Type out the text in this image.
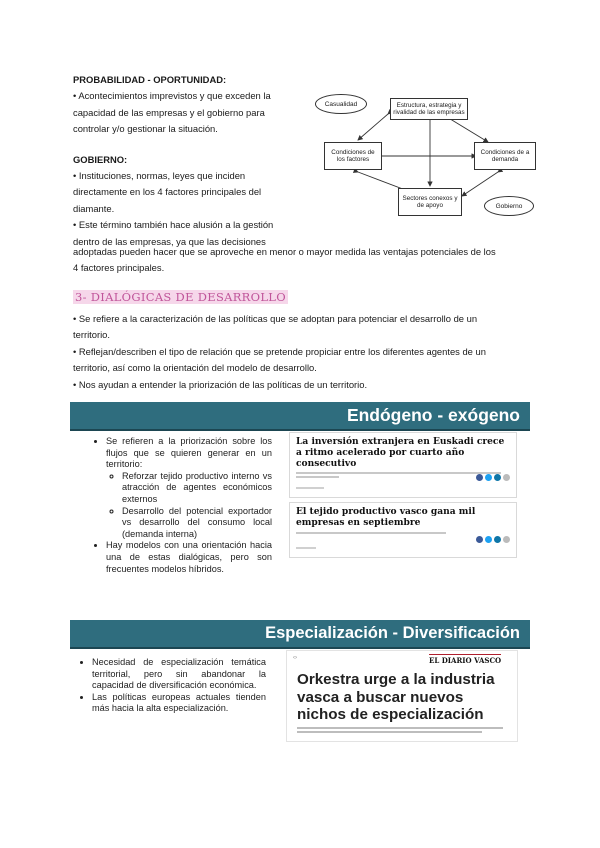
PROBABILIDAD - OPORTUNIDAD:

• Acontecimientos imprevistos y que exceden la

capacidad de las empresas y el gobierno para

controlar y/o gestionar la situación.

GOBIERNO:

• Instituciones, normas, leyes que inciden

directamente en los 4 factores principales del

diamante.

• Este término también hace alusión a la gestión

dentro de las empresas, ya que las decisiones

adoptadas pueden hacer que se aproveche en menor o mayor medida las ventajas potenciales de los

4 factores principales.

Casualidad	Estructura, estrategia y rivalidad de las empresas
Condiciones de los factores
Condiciones de a demanda
Sectores conexos y de apoyo	Gobierno
3- DIALÓGICAS DE DESARROLLO

• Se refiere a la caracterización de las políticas que se adoptan para potenciar el desarrollo de un

territorio.

• Reflejan/describen el tipo de relación que se pretende propiciar entre los diferentes agentes de un

territorio, así como la orientación del modelo de desarrollo.

• Nos ayudan a entender la priorización de las políticas de un territorio.

Endógeno - exógeno
• Se refieren a la priorización sobre los flujos que se quieren generar en un territorio:
◦ Reforzar tejido productivo interno vs atracción de agentes económicos externos
◦ Desarrollo del potencial exportador vs desarrollo del consumo local (demanda interna)
• Hay modelos con una orientación hacia una de estas dialógicas, pero son frecuentes modelos híbridos.
La inversión extranjera en Euskadi crece a ritmo acelerado por cuarto año consecutivo
El tejido productivo vasco gana mil empresas en septiembre
Especialización - Diversificación
• Necesidad de especialización temática territorial, pero sin abandonar la capacidad de diversificación económica.
• Las políticas europeas actuales tienden más hacia la alta especialización.
‹›	EL DIARIO VASCO
Orkestra urge a la industria vasca a buscar nuevos nichos de especialización
